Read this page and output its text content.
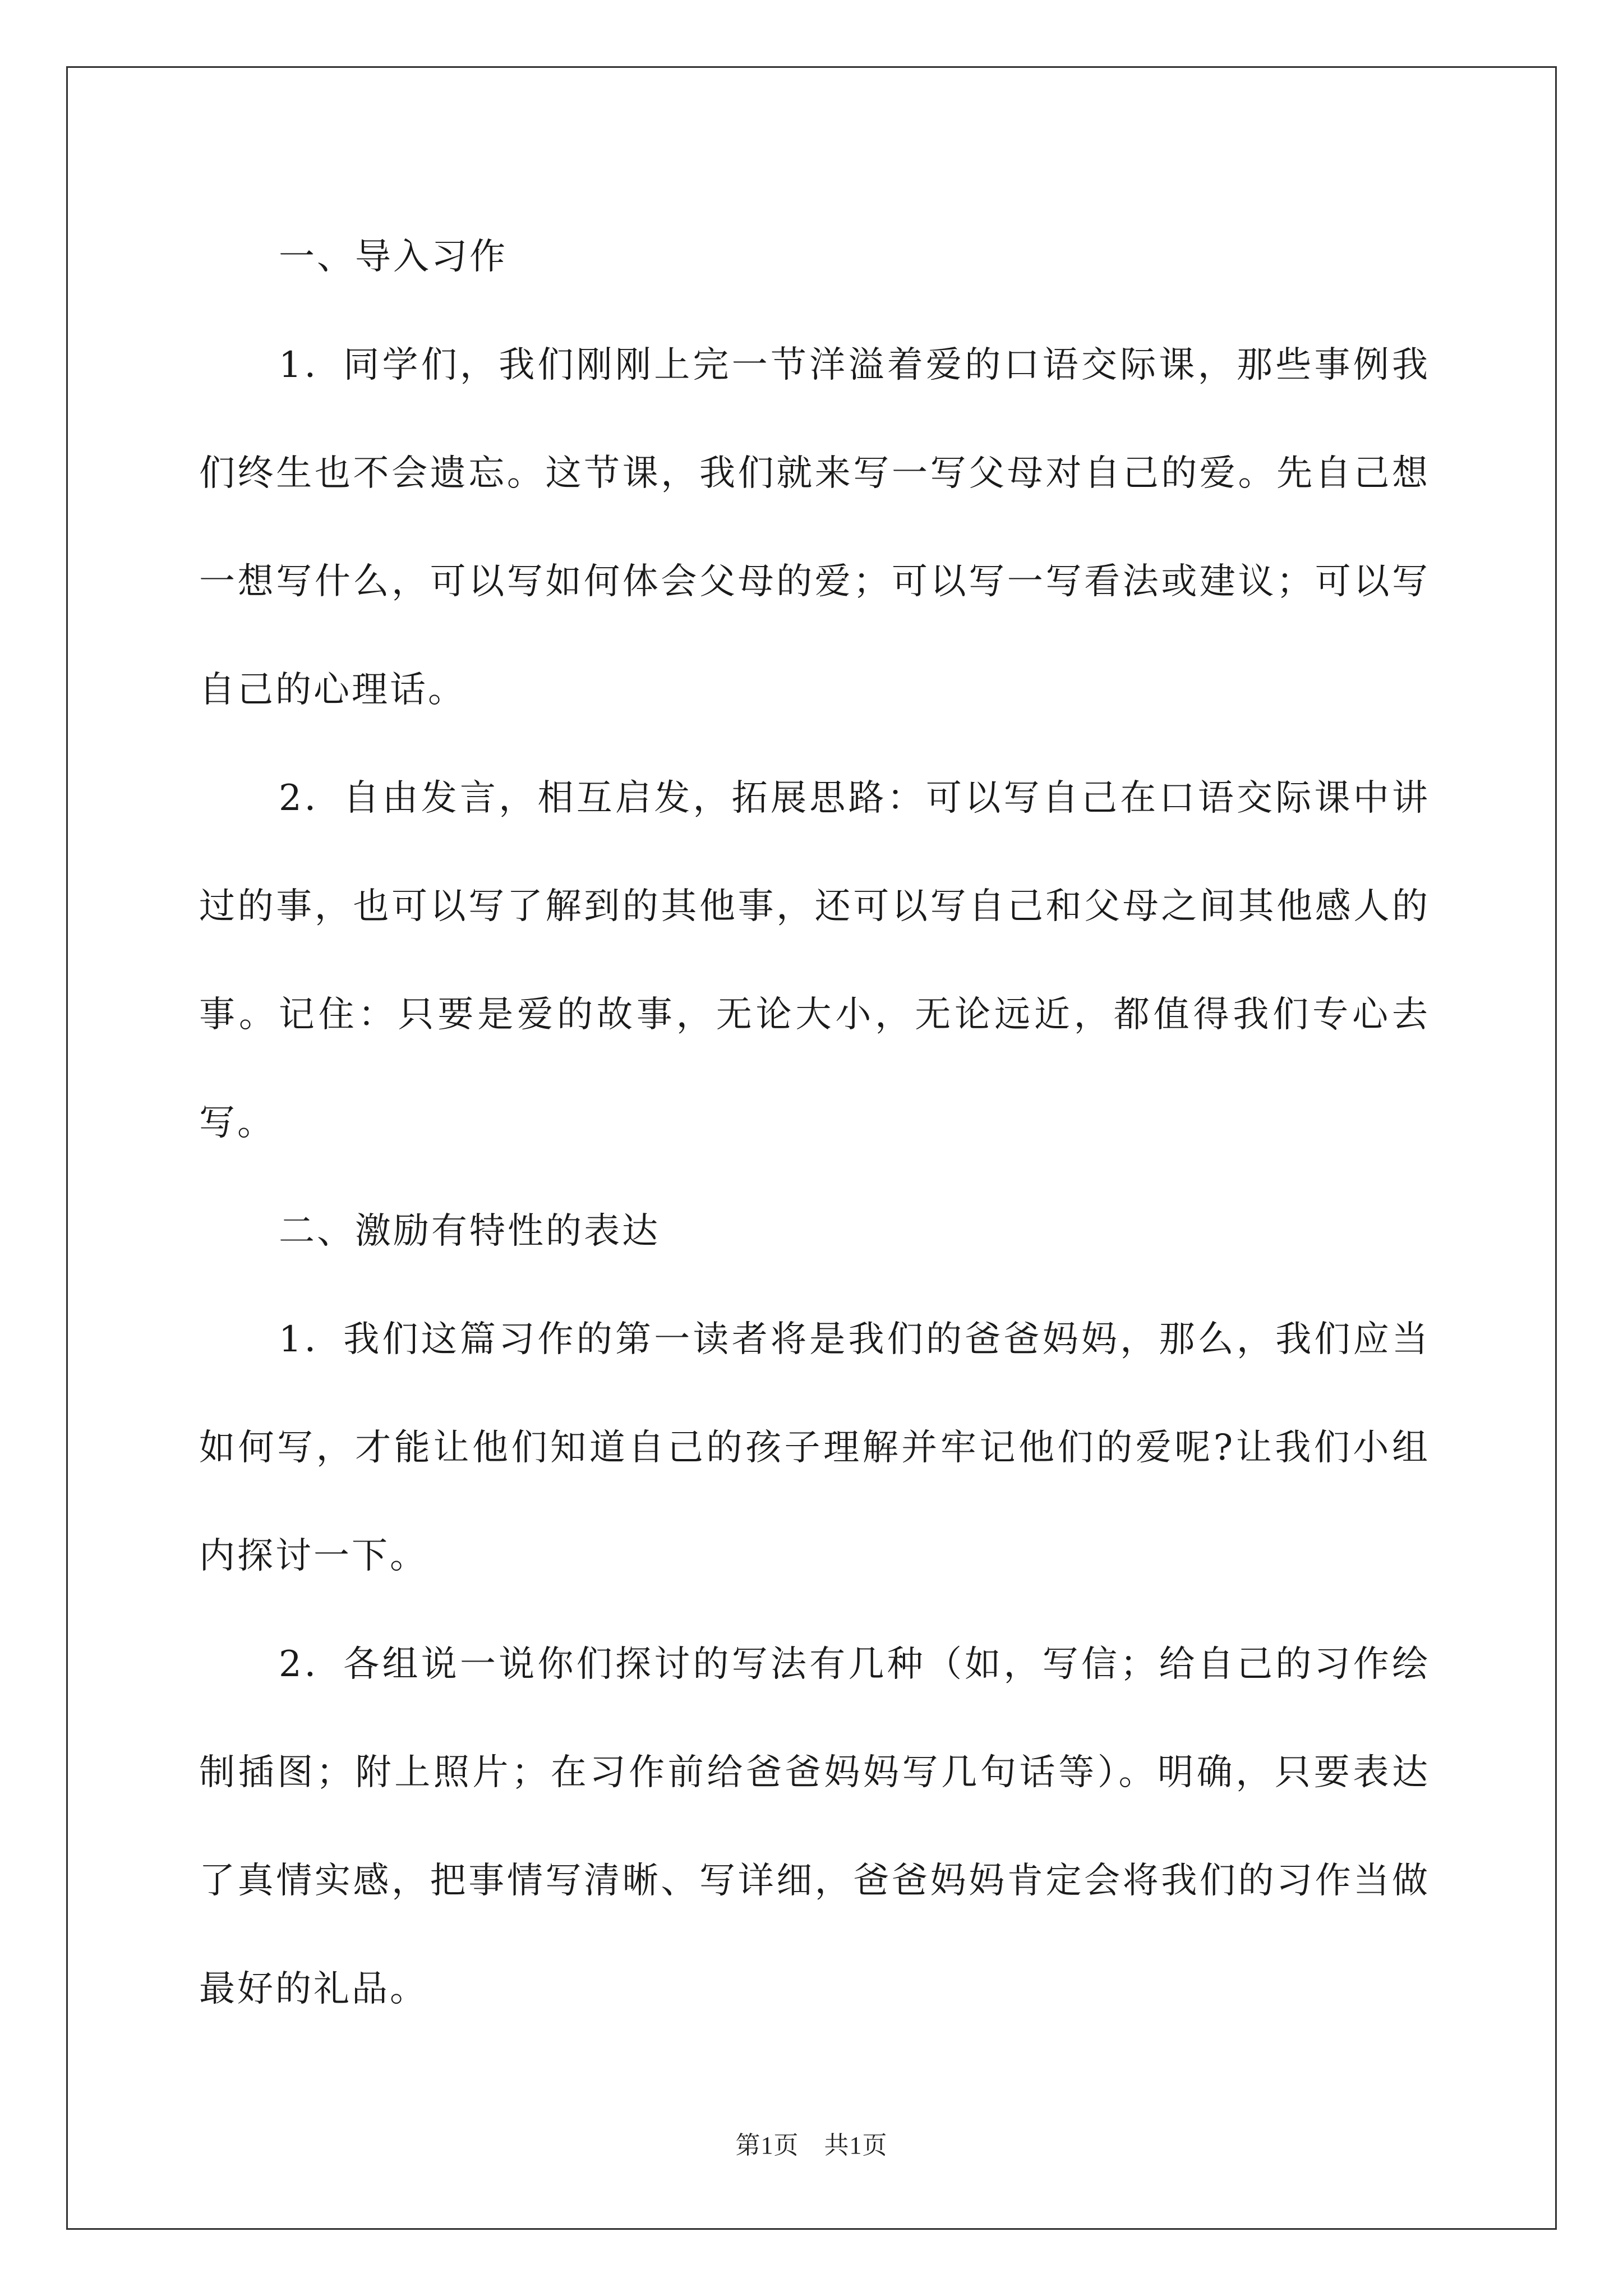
一、导入习作

1．同学们，我们刚刚上完一节洋溢着爱的口语交际课，那些事例我们终生也不会遗忘。这节课，我们就来写一写父母对自己的爱。先自己想一想写什么，可以写如何体会父母的爱；可以写一写看法或建议；可以写自己的心理话。

2．自由发言，相互启发，拓展思路：可以写自己在口语交际课中讲过的事，也可以写了解到的其他事，还可以写自己和父母之间其他感人的事。记住：只要是爱的故事，无论大小，无论远近，都值得我们专心去写。

二、激励有特性的表达

1．我们这篇习作的第一读者将是我们的爸爸妈妈，那么，我们应当如何写，才能让他们知道自己的孩子理解并牢记他们的爱呢?让我们小组内探讨一下。

2．各组说一说你们探讨的写法有几种（如，写信；给自己的习作绘制插图；附上照片；在习作前给爸爸妈妈写几句话等）。明确，只要表达了真情实感，把事情写清晰、写详细，爸爸妈妈肯定会将我们的习作当做最好的礼品。

第1页　共1页
